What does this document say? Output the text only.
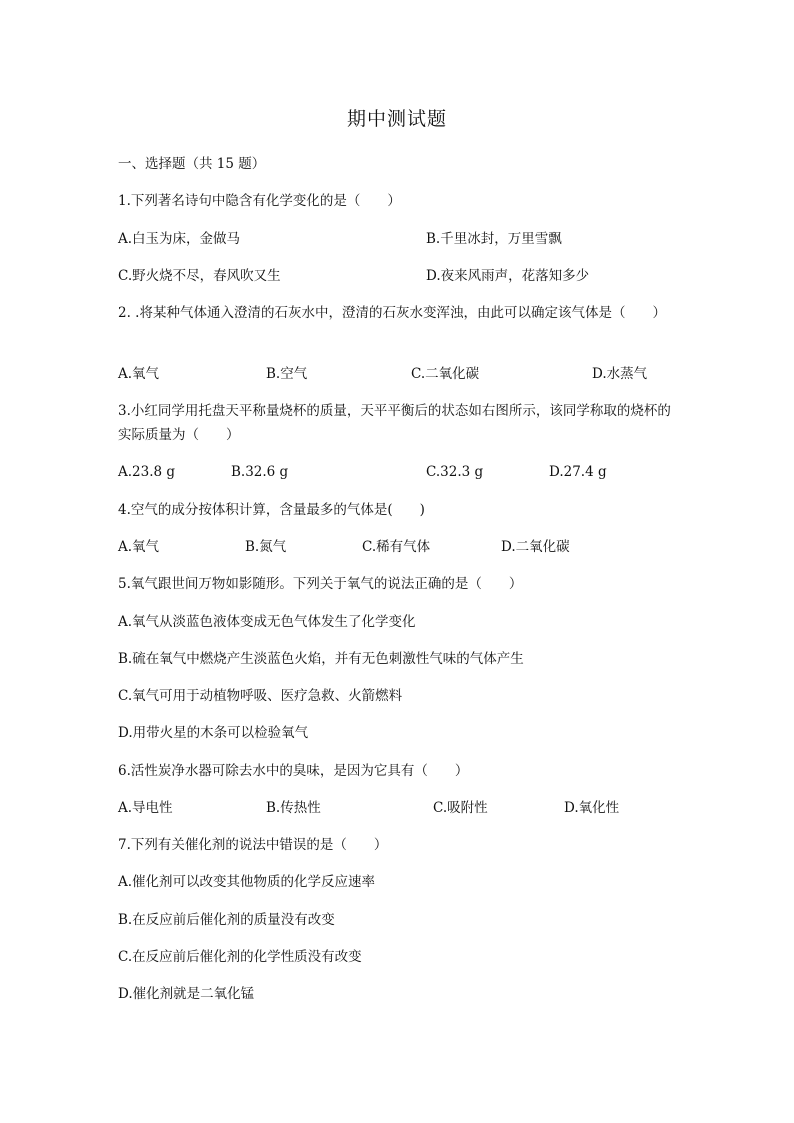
期中测试题
一、选择题（共 15 题）
1.下列著名诗句中隐含有化学变化的是（　　）
A.白玉为床，金做马	B.千里冰封，万里雪飘
C.野火烧不尽，春风吹又生	D.夜来风雨声，花落知多少
2. .将某种气体通入澄清的石灰水中，澄清的石灰水变浑浊，由此可以确定该气体是（　　）
A.氧气	B.空气	C.二氧化碳	D.水蒸气
3.小红同学用托盘天平称量烧杯的质量，天平平衡后的状态如右图所示，该同学称取的烧杯的实际质量为（　　）
A.23.8 g	B.32.6 g	C.32.3 g	D.27.4 g
4.空气的成分按体积计算，含量最多的气体是(　　)
A.氧气	B.氮气	C.稀有气体	D.二氧化碳
5.氧气跟世间万物如影随形。下列关于氧气的说法正确的是（　　）
A.氧气从淡蓝色液体变成无色气体发生了化学变化
B.硫在氧气中燃烧产生淡蓝色火焰，并有无色刺激性气味的气体产生
C.氧气可用于动植物呼吸、医疗急救、火箭燃料
D.用带火星的木条可以检验氧气
6.活性炭净水器可除去水中的臭味，是因为它具有（　　）
A.导电性	B.传热性	C.吸附性	D.氧化性
7.下列有关催化剂的说法中错误的是（　　）
A.催化剂可以改变其他物质的化学反应速率
B.在反应前后催化剂的质量没有改变
C.在反应前后催化剂的化学性质没有改变
D.催化剂就是二氧化锰
